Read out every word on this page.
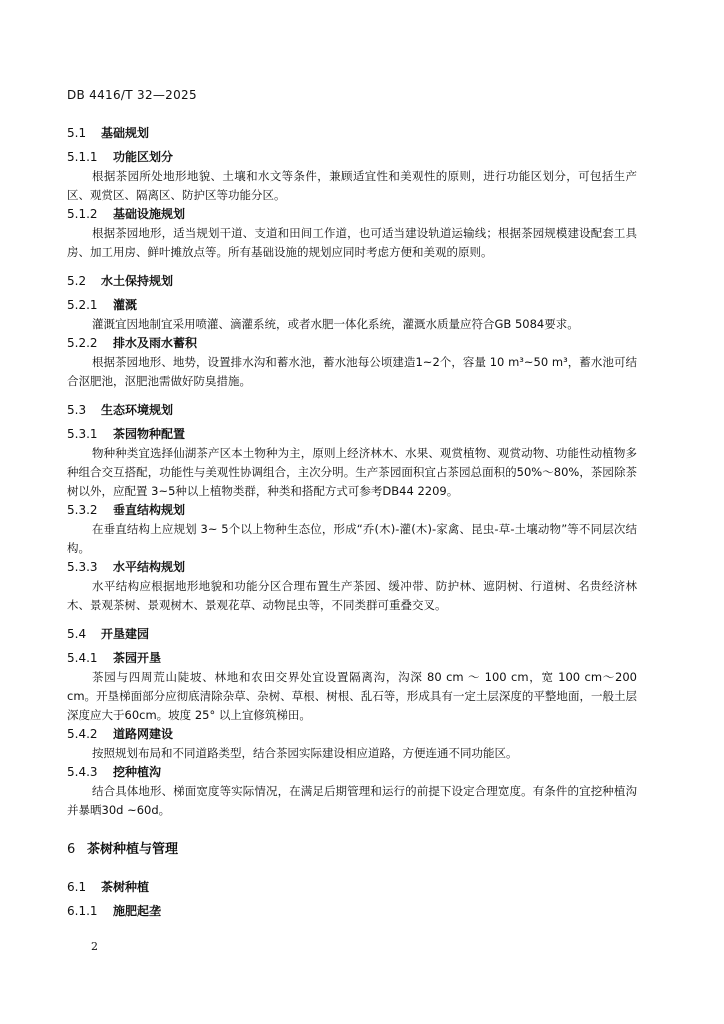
DB 4416/T 32—2025
5.1	基础规划
5.1.1	功能区划分

根据茶园所处地形地貌、土壤和水文等条件，兼顾适宜性和美观性的原则，进行功能区划分，可包括生产区、观赏区、隔离区、防护区等功能分区。

5.1.2	基础设施规划

根据茶园地形，适当规划干道、支道和田间工作道，也可适当建设轨道运输线；根据茶园规模建设配套工具房、加工用房、鲜叶摊放点等。所有基础设施的规划应同时考虑方便和美观的原则。

5.2	水土保持规划
5.2.1	灌溉

灌溉宜因地制宜采用喷灌、滴灌系统，或者水肥一体化系统，灌溉水质量应符合GB 5084要求。

5.2.2	排水及雨水蓄积

根据茶园地形、地势，设置排水沟和蓄水池，蓄水池每公顷建造1~2个，容量 10 m³~50 m³，蓄水池可结合沤肥池，沤肥池需做好防臭措施。

5.3	生态环境规划
5.3.1	茶园物种配置

物种种类宜选择仙湖茶产区本土物种为主，原则上经济林木、水果、观赏植物、观赏动物、功能性动植物多种组合交互搭配，功能性与美观性协调组合，主次分明。生产茶园面积宜占茶园总面积的50%～80%，茶园除茶树以外，应配置 3~5种以上植物类群，种类和搭配方式可参考DB44 2209。

5.3.2	垂直结构规划

在垂直结构上应规划 3~ 5个以上物种生态位，形成“乔(木)-灌(木)-家禽、昆虫-草-土壤动物”等不同层次结构。

5.3.3	水平结构规划

水平结构应根据地形地貌和功能分区合理布置生产茶园、缓冲带、防护林、遮阴树、行道树、名贵经济林木、景观茶树、景观树木、景观花草、动物昆虫等，不同类群可重叠交叉。

5.4	开垦建园
5.4.1	茶园开垦

茶园与四周荒山陡坡、林地和农田交界处宜设置隔离沟，沟深 80 cm ～ 100 cm，宽 100 cm～200 cm。开垦梯面部分应彻底清除杂草、杂树、草根、树根、乱石等，形成具有一定土层深度的平整地面，一般土层深度应大于60cm。坡度 25° 以上宜修筑梯田。

5.4.2	道路网建设

按照规划布局和不同道路类型，结合茶园实际建设相应道路，方便连通不同功能区。

5.4.3	挖种植沟

结合具体地形、梯面宽度等实际情况，在满足后期管理和运行的前提下设定合理宽度。有条件的宜挖种植沟并暴晒30d ~60d。

6 茶树种植与管理
6.1	茶树种植
6.1.1	施肥起垄
2
